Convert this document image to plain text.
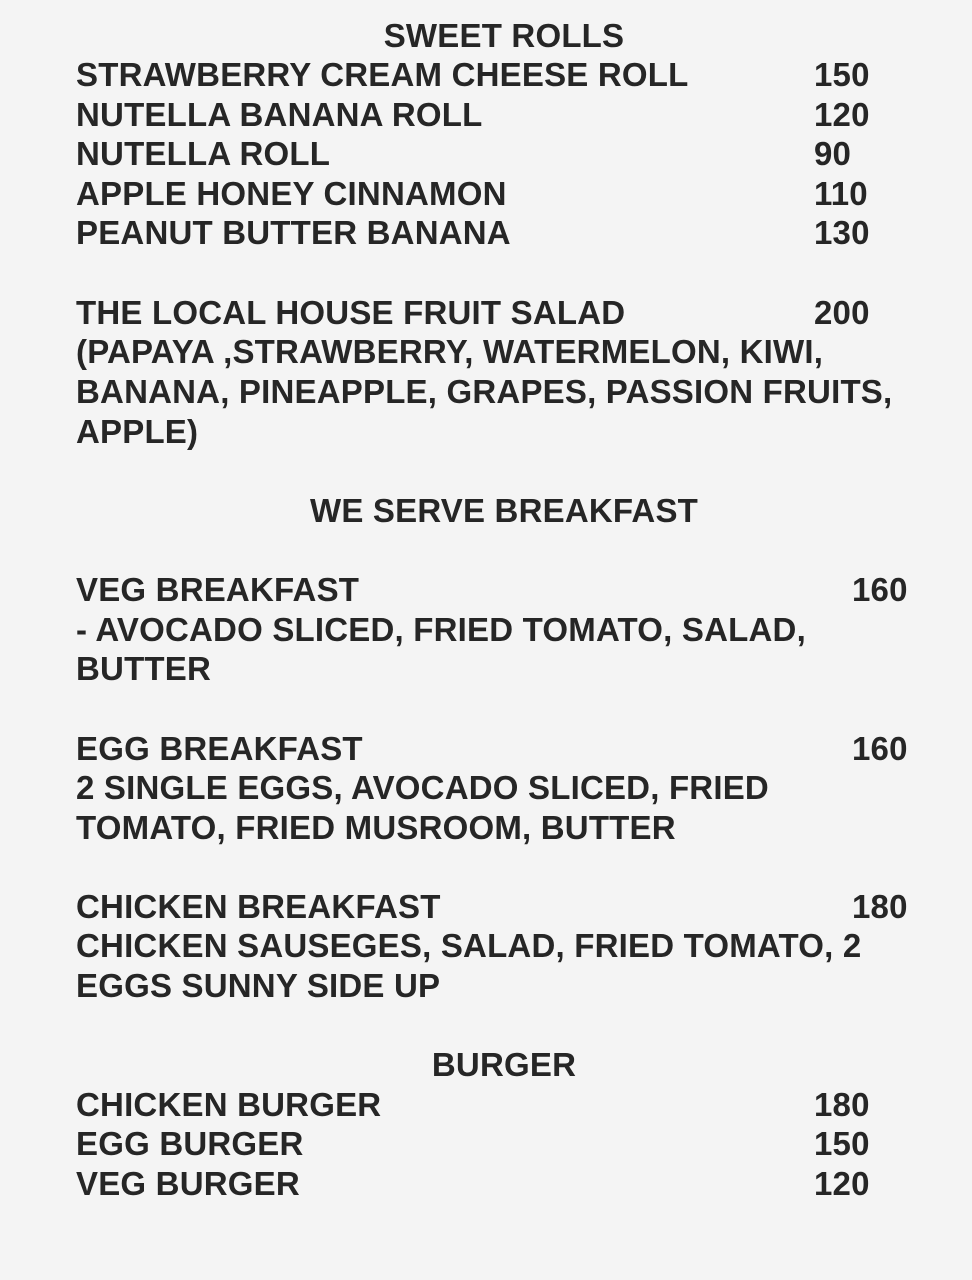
SWEET ROLLS
STRAWBERRY CREAM CHEESE ROLL	150
NUTELLA BANANA ROLL	120
NUTELLA ROLL	90
APPLE HONEY CINNAMON	110
PEANUT BUTTER BANANA	130
THE LOCAL HOUSE FRUIT SALAD	200
(PAPAYA ,STRAWBERRY, WATERMELON, KIWI,
BANANA, PINEAPPLE, GRAPES, PASSION FRUITS,
APPLE)
WE SERVE BREAKFAST
VEG BREAKFAST	160
- AVOCADO SLICED, FRIED TOMATO, SALAD,
BUTTER
EGG BREAKFAST	160
2 SINGLE EGGS, AVOCADO SLICED, FRIED
TOMATO, FRIED MUSROOM, BUTTER
CHICKEN BREAKFAST	180
CHICKEN SAUSEGES, SALAD, FRIED TOMATO, 2
EGGS SUNNY SIDE UP
BURGER
CHICKEN BURGER	180
EGG BURGER	150
VEG BURGER	120
